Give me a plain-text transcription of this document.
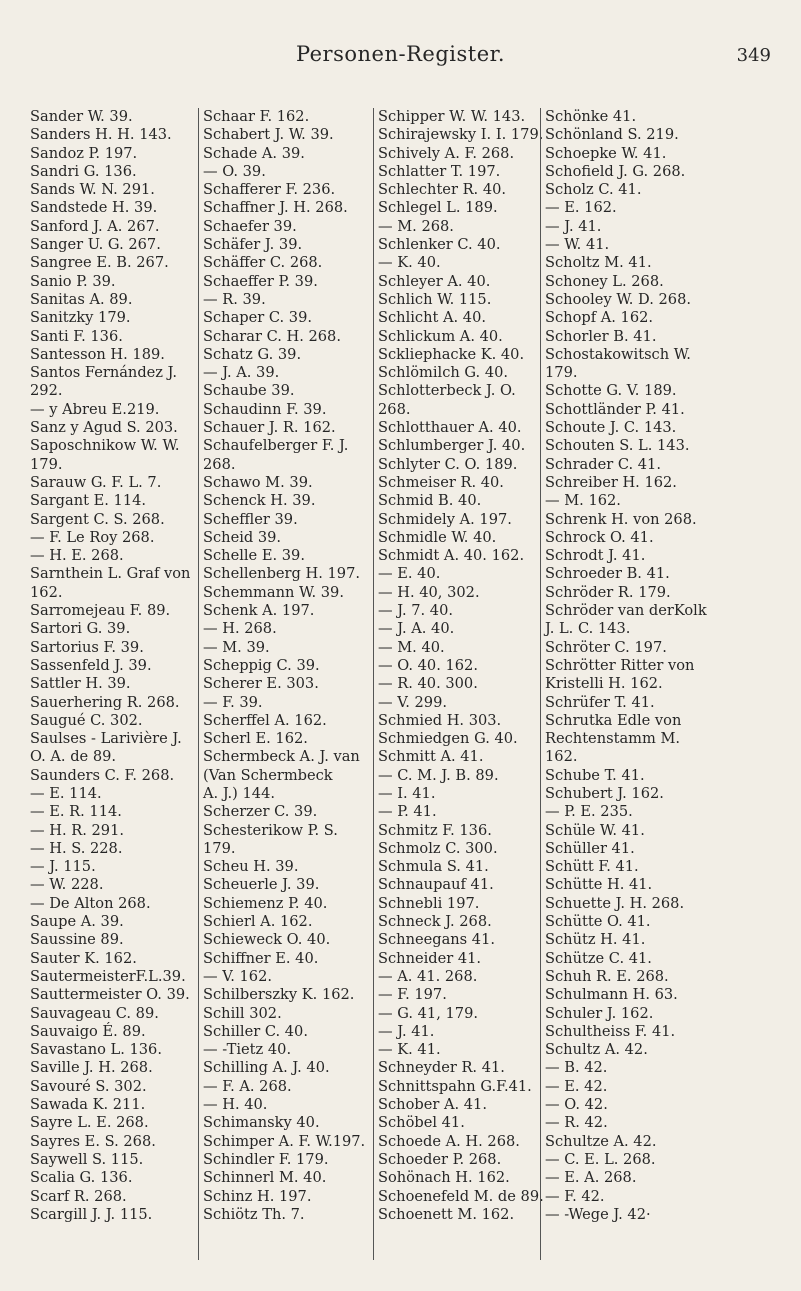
Personen-Register.	349
Sander W. 39.
Sanders H. H. 143.
Sandoz P. 197.
Sandri G. 136.
Sands W. N. 291.
Sandstede H. 39.
Sanford J. A. 267.
Sanger U. G. 267.
Sangree E. B. 267.
Sanio P. 39.
Sanitas A. 89.
Sanitzky 179.
Santi F. 136.
Santesson H. 189.
Santos Fernández J.
292.
— y Abreu E.219.
Sanz y Agud S. 203.
Saposchnikow W. W.
179.
Sarauw G. F. L. 7.
Sargant E. 114.
Sargent C. S. 268.
— F. Le Roy 268.
— H. E. 268.
Sarnthein L. Graf von
162.
Sarromejeau F. 89.
Sartori G. 39.
Sartorius F. 39.
Sassenfeld J. 39.
Sattler H. 39.
Sauerhering R. 268.
Saugué C. 302.
Saulses - Larivière J.
O. A. de 89.
Saunders C. F. 268.
— E. 114.
— E. R. 114.
— H. R. 291.
— H. S. 228.
— J. 115.
— W. 228.
— De Alton 268.
Saupe A. 39.
Saussine 89.
Sauter K. 162.
SautermeisterF.L.39.
Sauttermeister O. 39.
Sauvageau C. 89.
Sauvaigo É. 89.
Savastano L. 136.
Saville J. H. 268.
Savouré S. 302.
Sawada K. 211.
Sayre L. E. 268.
Sayres E. S. 268.
Saywell S. 115.
Scalia G. 136.
Scarf R. 268.
Scargill J. J. 115.
Schaar F. 162.
Schabert J. W. 39.
Schade A. 39.
— O. 39.
Schafferer F. 236.
Schaffner J. H. 268.
Schaefer 39.
Schäfer J. 39.
Schäffer C. 268.
Schaeffer P. 39.
— R. 39.
Schaper C. 39.
Scharar C. H. 268.
Schatz G. 39.
— J. A. 39.
Schaube 39.
Schaudinn F. 39.
Schauer J. R. 162.
Schaufelberger F. J.
268.
Schawo M. 39.
Schenck H. 39.
Scheffler 39.
Scheid 39.
Schelle E. 39.
Schellenberg H. 197.
Schemmann W. 39.
Schenk A. 197.
— H. 268.
— M. 39.
Scheppig C. 39.
Scherer E. 303.
— F. 39.
Scherffel A. 162.
Scherl E. 162.
Schermbeck A. J. van
(Van Schermbeck
A. J.) 144.
Scherzer C. 39.
Schesterikow P. S.
179.
Scheu H. 39.
Scheuerle J. 39.
Schiemenz P. 40.
Schierl A. 162.
Schieweck O. 40.
Schiffner E. 40.
— V. 162.
Schilberszky K. 162.
Schill 302.
Schiller C. 40.
— -Tietz 40.
Schilling A. J. 40.
— F. A. 268.
— H. 40.
Schimansky 40.
Schimper A. F. W.197.
Schindler F. 179.
Schinnerl M. 40.
Schinz H. 197.
Schiötz Th. 7.
Schipper W. W. 143.
Schirajewsky I. I. 179.
Schively A. F. 268.
Schlatter T. 197.
Schlechter R. 40.
Schlegel L. 189.
— M. 268.
Schlenker C. 40.
— K. 40.
Schleyer A. 40.
Schlich W. 115.
Schlicht A. 40.
Schlickum A. 40.
Sckliephacke K. 40.
Schlömilch G. 40.
Schlotterbeck J. O.
268.
Schlotthauer A. 40.
Schlumberger J. 40.
Schlyter C. O. 189.
Schmeiser R. 40.
Schmid B. 40.
Schmidely A. 197.
Schmidle W. 40.
Schmidt A. 40. 162.
— E. 40.
— H. 40, 302.
— J. 7. 40.
— J. A. 40.
— M. 40.
— O. 40. 162.
— R. 40. 300.
— V. 299.
Schmied H. 303.
Schmiedgen G. 40.
Schmitt A. 41.
— C. M. J. B. 89.
— I. 41.
— P. 41.
Schmitz F. 136.
Schmolz C. 300.
Schmula S. 41.
Schnaupauf 41.
Schnebli 197.
Schneck J. 268.
Schneegans 41.
Schneider 41.
— A. 41. 268.
— F. 197.
— G. 41, 179.
— J. 41.
— K. 41.
Schneyder R. 41.
Schnittspahn G.F.41.
Schober A. 41.
Schöbel 41.
Schoede A. H. 268.
Schoeder P. 268.
Sohönach H. 162.
Schoenefeld M. de 89.
Schoenett M. 162.
Schönke 41.
Schönland S. 219.
Schoepke W. 41.
Schofield J. G. 268.
Scholz C. 41.
— E. 162.
— J. 41.
— W. 41.
Scholtz M. 41.
Schoney L. 268.
Schooley W. D. 268.
Schopf A. 162.
Schorler B. 41.
Schostakowitsch W.
179.
Schotte G. V. 189.
Schottländer P. 41.
Schoute J. C. 143.
Schouten S. L. 143.
Schrader C. 41.
Schreiber H. 162.
— M. 162.
Schrenk H. von 268.
Schrock O. 41.
Schrodt J. 41.
Schroeder B. 41.
Schröder R. 179.
Schröder van derKolk
J. L. C. 143.
Schröter C. 197.
Schrötter Ritter von
Kristelli H. 162.
Schrüfer T. 41.
Schrutka Edle von
Rechtenstamm M.
162.
Schube T. 41.
Schubert J. 162.
— P. E. 235.
Schüle W. 41.
Schüller 41.
Schütt F. 41.
Schütte H. 41.
Schuette J. H. 268.
Schütte O. 41.
Schütz H. 41.
Schütze C. 41.
Schuh R. E. 268.
Schulmann H. 63.
Schuler J. 162.
Schultheiss F. 41.
Schultz A. 42.
— B. 42.
— E. 42.
— O. 42.
— R. 42.
Schultze A. 42.
— C. E. L. 268.
— E. A. 268.
— F. 42.
— -Wege J. 42·
